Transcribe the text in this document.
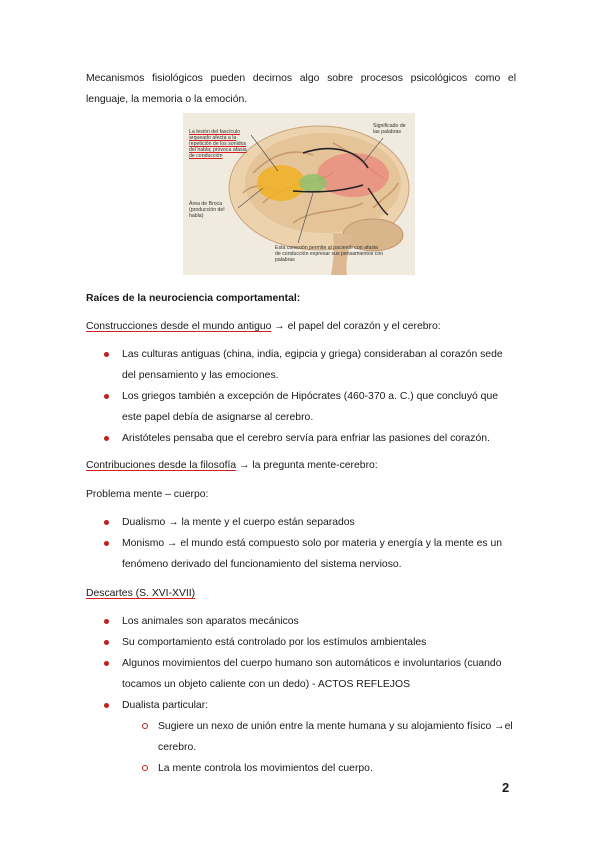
Mecanismos fisiológicos pueden decirnos algo sobre procesos psicológicos como el lenguaje, la memoria o la emoción.

La lesión del fascículo arqueado afecta a la repetición de los sonidos del habla; provoca afasia de conducción

Significado de las palabras

Área de Broca (producción del habla)

Esta conexión permite al paciente con afasia de conducción expresar sus pensamientos con palabras

Raíces de la neurociencia comportamental:

Construcciones desde el mundo antiguo → el papel del corazón y el cerebro:

Las culturas antiguas (china, india, egipcia y griega) consideraban al corazón sede del pensamiento y las emociones.
Los griegos también a excepción de Hipócrates (460-370 a. C.) que concluyó que este papel debía de asignarse al cerebro.
Aristóteles pensaba que el cerebro servía para enfriar las pasiones del corazón.

Contribuciones desde la filosofía → la pregunta mente-cerebro:

Problema mente – cuerpo:

Dualismo → la mente y el cuerpo están separados
Monismo → el mundo está compuesto solo por materia y energía y la mente es un fenómeno derivado del funcionamiento del sistema nervioso.

Descartes (S. XVI-XVII)

Los animales son aparatos mecánicos
Su comportamiento está controlado por los estímulos ambientales
Algunos movimientos del cuerpo humano son automáticos e involuntarios (cuando tocamos un objeto caliente con un dedo) - ACTOS REFLEJOS
Dualista particular:
Sugiere un nexo de unión entre la mente humana y su alojamiento físico →el cerebro.
La mente controla los movimientos del cuerpo.
2
